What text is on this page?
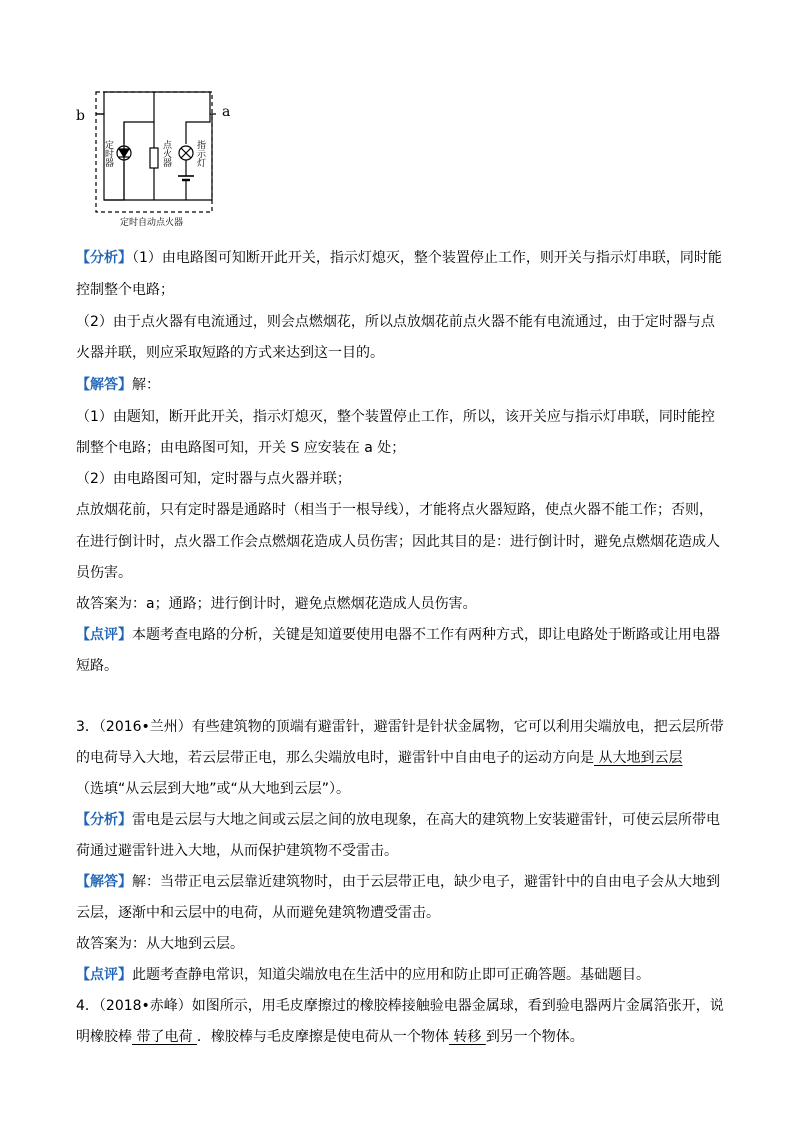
b	a
定时器	点火器	指示灯
定时自动点火器
【分析】（1）由电路图可知断开此开关，指示灯熄灭，整个装置停止工作，则开关与指示灯串联，同时能
控制整个电路；
（2）由于点火器有电流通过，则会点燃烟花，所以点放烟花前点火器不能有电流通过，由于定时器与点
火器并联，则应采取短路的方式来达到这一目的。
【解答】解：
（1）由题知，断开此开关，指示灯熄灭，整个装置停止工作，所以，该开关应与指示灯串联，同时能控
制整个电路；由电路图可知，开关 S 应安装在 a 处；
（2）由电路图可知，定时器与点火器并联；
点放烟花前，只有定时器是通路时（相当于一根导线），才能将点火器短路，使点火器不能工作；否则，
在进行倒计时，点火器工作会点燃烟花造成人员伤害；因此其目的是：进行倒计时，避免点燃烟花造成人
员伤害。
故答案为：a；通路；进行倒计时，避免点燃烟花造成人员伤害。
【点评】本题考查电路的分析，关键是知道要使用电器不工作有两种方式，即让电路处于断路或让用电器
短路。
3．（2016•兰州）有些建筑物的顶端有避雷针，避雷针是针状金属物，它可以利用尖端放电，把云层所带
的电荷导入大地，若云层带正电，那么尖端放电时，避雷针中自由电子的运动方向是 从大地到云层
（选填“从云层到大地”或“从大地到云层”）。
【分析】雷电是云层与大地之间或云层之间的放电现象，在高大的建筑物上安装避雷针，可使云层所带电
荷通过避雷针进入大地，从而保护建筑物不受雷击。
【解答】解：当带正电云层靠近建筑物时，由于云层带正电，缺少电子，避雷针中的自由电子会从大地到
云层，逐渐中和云层中的电荷，从而避免建筑物遭受雷击。
故答案为：从大地到云层。
【点评】此题考查静电常识，知道尖端放电在生活中的应用和防止即可正确答题。基础题目。
4．（2018•赤峰）如图所示，用毛皮摩擦过的橡胶棒接触验电器金属球，看到验电器两片金属箔张开，说
明橡胶棒 带了电荷 ．橡胶棒与毛皮摩擦是使电荷从一个物体 转移 到另一个物体。
